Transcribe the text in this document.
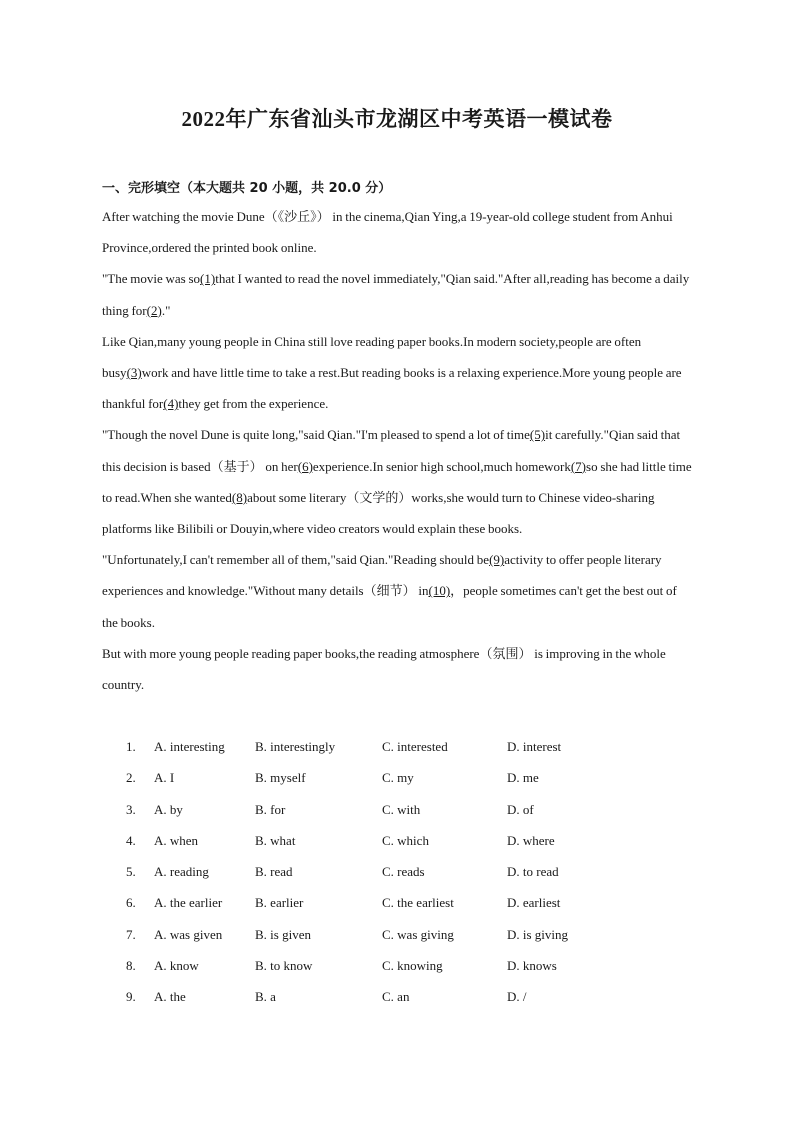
2022年广东省汕头市龙湖区中考英语一模试卷
一、完形填空（本大题共 20 小题，共 20.0 分）

After watching the movie Dune（《沙丘》） in the cinema,Qian Ying,a 19-year-old college student from Anhui Province,ordered the printed book online.

"The movie was so(1)that I wanted to read the novel immediately,"Qian said."After all,reading has become a daily thing for(2)."

Like Qian,many young people in China still love reading paper books.In modern society,people are often busy(3)work and have little time to take a rest.But reading books is a relaxing experience.More young people are thankful for(4)they get from the experience.

"Though the novel Dune is quite long,"said Qian."I'm pleased to spend a lot of time(5)it carefully."Qian said that this decision is based（基于） on her(6)experience.In senior high school,much homework(7)so she had little time to read.When she wanted(8)about some literary（文学的）works,she would turn to Chinese video-sharing platforms like Bilibili or Douyin,where video creators would explain these books.

"Unfortunately,I can't remember all of them,"said Qian."Reading should be(9)activity to offer people literary experiences and knowledge."Without many details（细节） in(10)，people sometimes can't get the best out of the books.

But with more young people reading paper books,the reading atmosphere（氛围） is improving in the whole country.

1. A. interesting B. interestingly	C. interested	D. interest
2. A. I	B. myself	C. my	D. me
3. A. by	B. for	C. with	D. of
4. A. when	B. what	C. which	D. where
5. A. reading	B. read	C. reads	D. to read
6. A. the earlier	B. earlier	C. the earliest	D. earliest
7. A. was given	B. is given	C. was giving	D. is giving
8. A. know	B. to know	C. knowing	D. knows
9. A. the	B. a	C. an	D. /
